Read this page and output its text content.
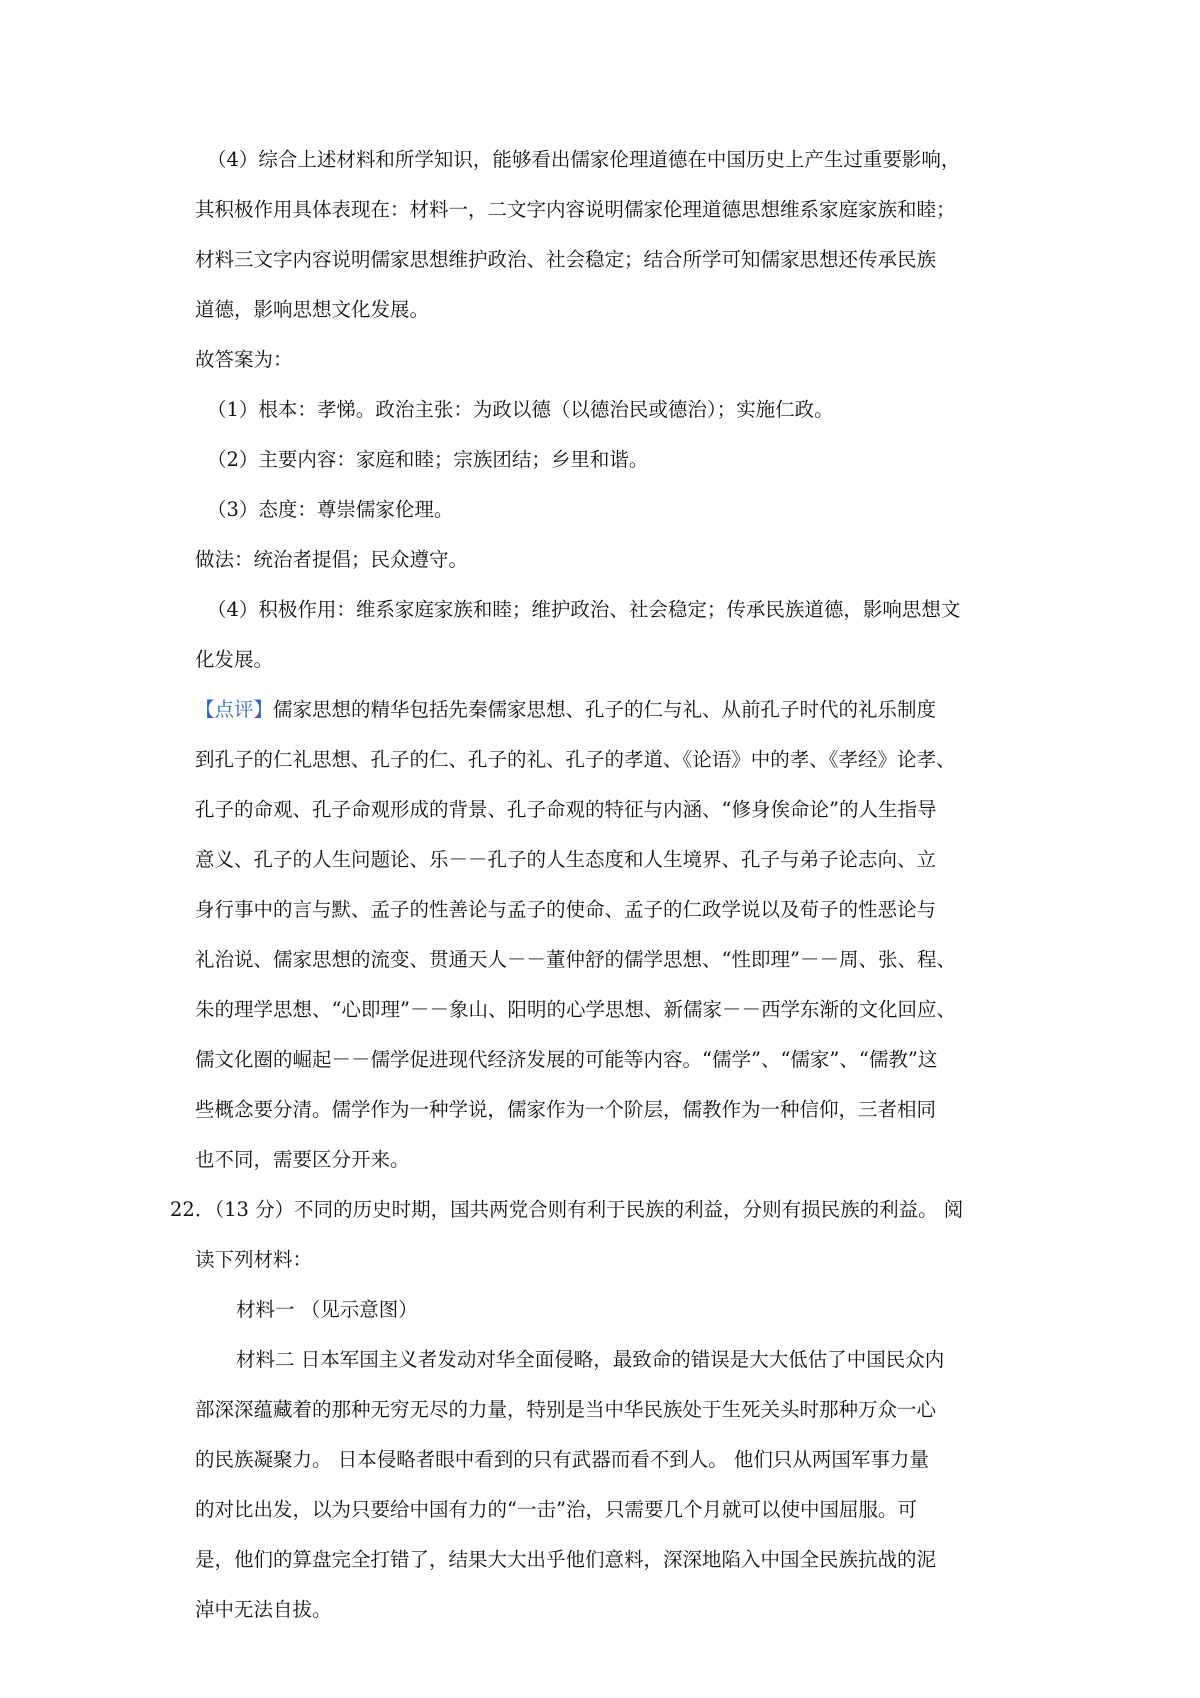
（4）综合上述材料和所学知识，能够看出儒家伦理道德在中国历史上产生过重要影响，
其积极作用具体表现在：材料一，二文字内容说明儒家伦理道德思想维系家庭家族和睦；
材料三文字内容说明儒家思想维护政治、社会稳定；结合所学可知儒家思想还传承民族
道德，影响思想文化发展。
故答案为：
（1）根本：孝悌。政治主张：为政以德（以德治民或德治）；实施仁政。
（2）主要内容：家庭和睦；宗族团结；乡里和谐。
（3）态度：尊崇儒家伦理。
做法：统治者提倡；民众遵守。
（4）积极作用：维系家庭家族和睦；维护政治、社会稳定；传承民族道德，影响思想文
化发展。
【点评】儒家思想的精华包括先秦儒家思想、孔子的仁与礼、从前孔子时代的礼乐制度
到孔子的仁礼思想、孔子的仁、孔子的礼、孔子的孝道、《论语》中的孝、《孝经》论孝、
孔子的命观、孔子命观形成的背景、孔子命观的特征与内涵、“修身俟命论”的人生指导
意义、孔子的人生问题论、乐－－孔子的人生态度和人生境界、孔子与弟子论志向、立
身行事中的言与默、孟子的性善论与孟子的使命、孟子的仁政学说以及荀子的性恶论与
礼治说、儒家思想的流变、贯通天人－－董仲舒的儒学思想、“性即理”－－周、张、程、
朱的理学思想、“心即理”－－象山、阳明的心学思想、新儒家－－西学东渐的文化回应、
儒文化圈的崛起－－儒学促进现代经济发展的可能等内容。“儒学”、“儒家”、“儒教”这
些概念要分清。儒学作为一种学说，儒家作为一个阶层，儒教作为一种信仰，三者相同
也不同，需要区分开来。
22．（13 分）不同的历史时期，国共两党合则有利于民族的利益，分则有损民族的利益。 阅
读下列材料：
材料一 （见示意图）
材料二 日本军国主义者发动对华全面侵略，最致命的错误是大大低估了中国民众内
部深深蕴藏着的那种无穷无尽的力量，特别是当中华民族处于生死关头时那种万众一心
的民族凝聚力。 日本侵略者眼中看到的只有武器而看不到人。 他们只从两国军事力量
的对比出发，以为只要给中国有力的“一击”治，只需要几个月就可以使中国屈服。可
是，他们的算盘完全打错了，结果大大出乎他们意料，深深地陷入中国全民族抗战的泥
淖中无法自拔。
